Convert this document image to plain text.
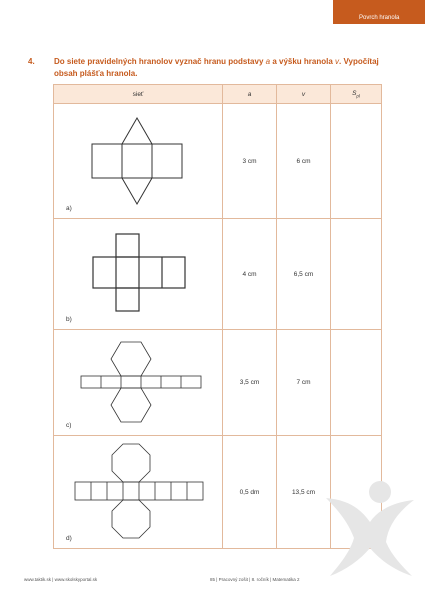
Povrch hranola
4. Do siete pravidelných hranolov vyznač hranu podstavy a a výšku hranola v. Vypočítaj obsah plášťa hranola.
sieť	a	v	$S_{pl}$

a)	3 cm	6 cm	

b)	4 cm	6,5 cm	

c)	3,5 cm	7 cm	

d)	0,5 dm	13,5 cm	
www.taktik.sk | www.skolskyportal.sk	85 | Pracovný zošit | 8. ročník | Matematika 2
